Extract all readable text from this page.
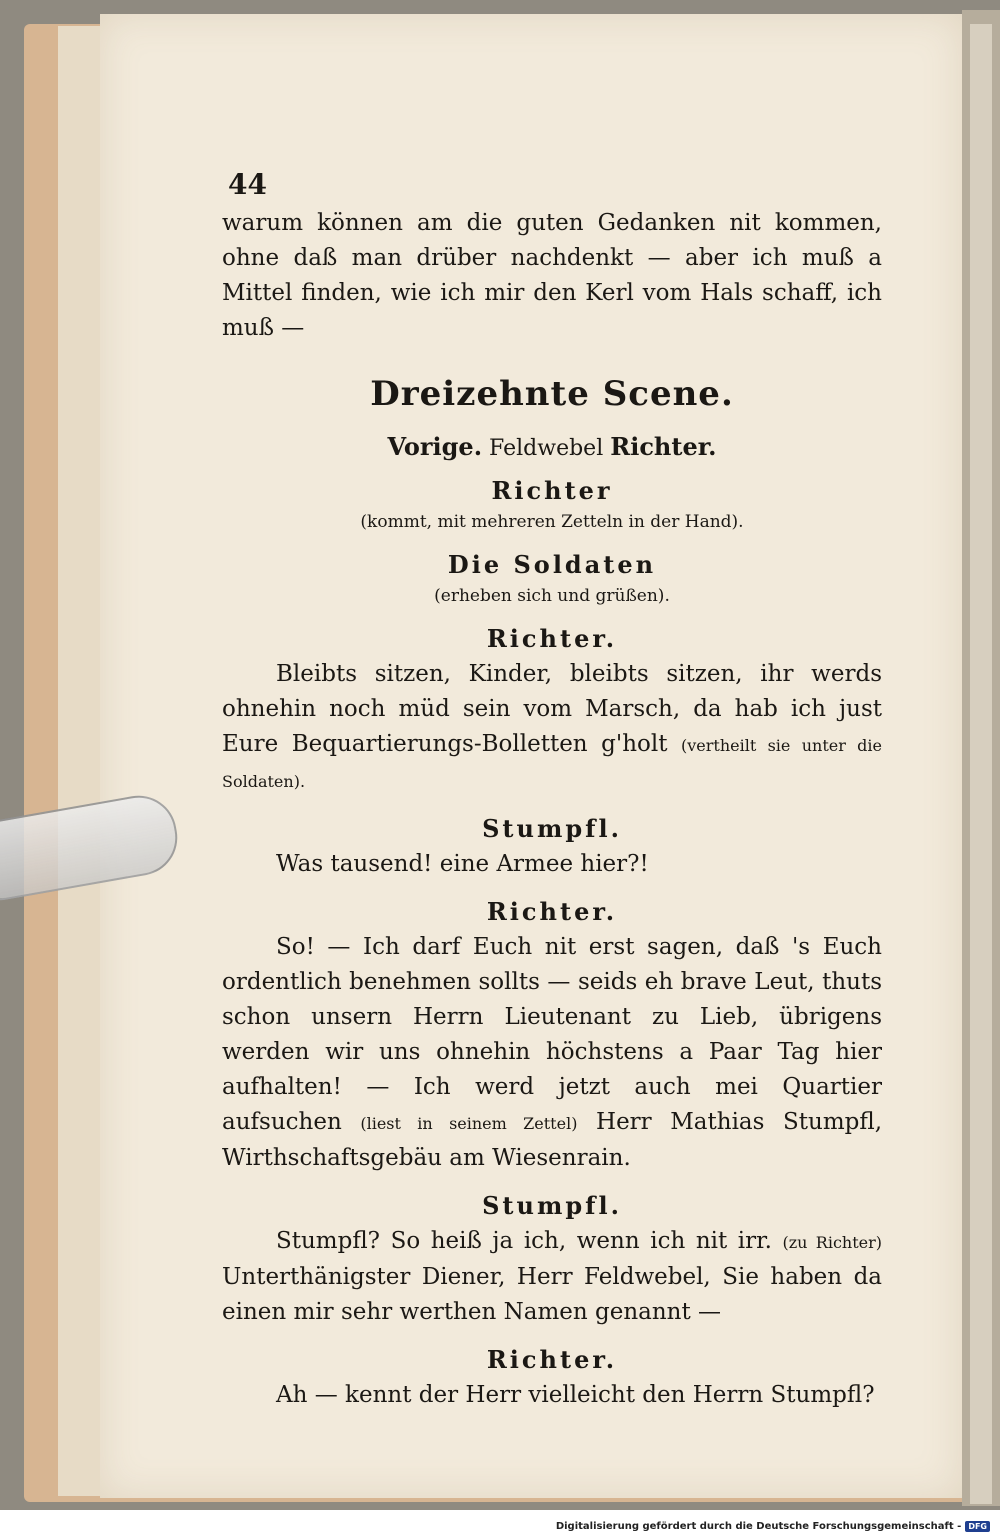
44

warum können am die guten Gedanken nit kommen, ohne daß man drüber nachdenkt — aber ich muß a Mittel finden, wie ich mir den Kerl vom Hals schaff, ich muß —

Dreizehnte Scene.
Vorige. Feldwebel Richter.
Richter

(kommt, mit mehreren Zetteln in der Hand).

Die Soldaten

(erheben sich und grüßen).

Richter.

Bleibts sitzen, Kinder, bleibts sitzen, ihr werds ohnehin noch müd sein vom Marsch, da hab ich just Eure Bequartierungs-Bolletten g'holt (vertheilt sie unter die Soldaten).

Stumpfl.

Was tausend! eine Armee hier?!

Richter.

So! — Ich darf Euch nit erst sagen, daß 's Euch ordentlich benehmen sollts — seids eh brave Leut, thuts schon unsern Herrn Lieutenant zu Lieb, übrigens werden wir uns ohnehin höchstens a Paar Tag hier aufhalten! — Ich werd jetzt auch mei Quartier aufsuchen (liest in seinem Zettel) Herr Mathias Stumpfl, Wirthschaftsgebäu am Wiesenrain.

Stumpfl.

Stumpfl? So heiß ja ich, wenn ich nit irr. (zu Richter) Unterthänigster Diener, Herr Feldwebel, Sie haben da einen mir sehr werthen Namen genannt —

Richter.

Ah — kennt der Herr vielleicht den Herrn Stumpfl?

Digitalisierung gefördert durch die Deutsche Forschungsgemeinschaft - DFG
